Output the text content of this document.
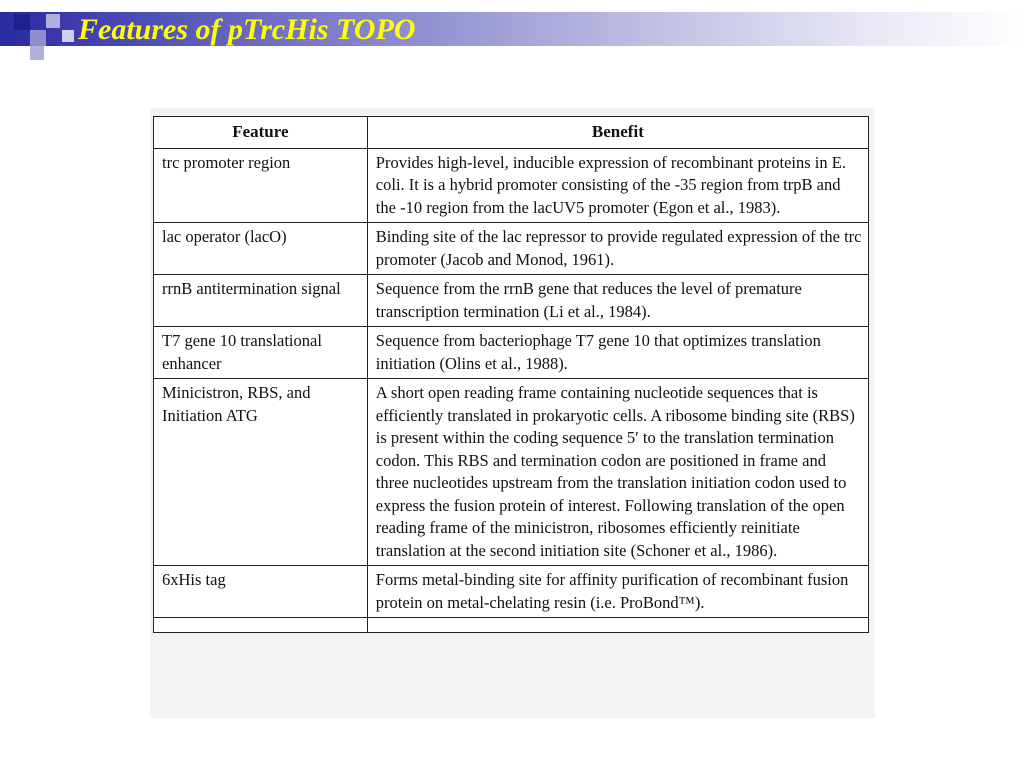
Features of pTrcHis TOPO
Feature	Benefit
trc promoter region	Provides high-level, inducible expression of recombinant proteins in E. coli. It is a hybrid promoter consisting of the -35 region from trpB and the -10 region from the lacUV5 promoter (Egon et al., 1983).
lac operator (lacO)	Binding site of the lac repressor to provide regulated expression of the trc promoter (Jacob and Monod, 1961).
rrnB antitermination signal	Sequence from the rrnB gene that reduces the level of premature transcription termination (Li et al., 1984).
T7 gene 10 translational enhancer	Sequence from bacteriophage T7 gene 10 that optimizes translation initiation (Olins et al., 1988).
Minicistron, RBS, and Initiation ATG	A short open reading frame containing nucleotide sequences that is efficiently translated in prokaryotic cells. A ribosome binding site (RBS) is present within the coding sequence 5′ to the translation termination codon. This RBS and termination codon are positioned in frame and three nucleotides upstream from the translation initiation codon used to express the fusion protein of interest. Following translation of the open reading frame of the minicistron, ribosomes efficiently reinitiate translation at the second initiation site (Schoner et al., 1986).
6xHis tag	Forms metal-binding site for affinity purification of recombinant fusion protein on metal-chelating resin (i.e. ProBond™).
